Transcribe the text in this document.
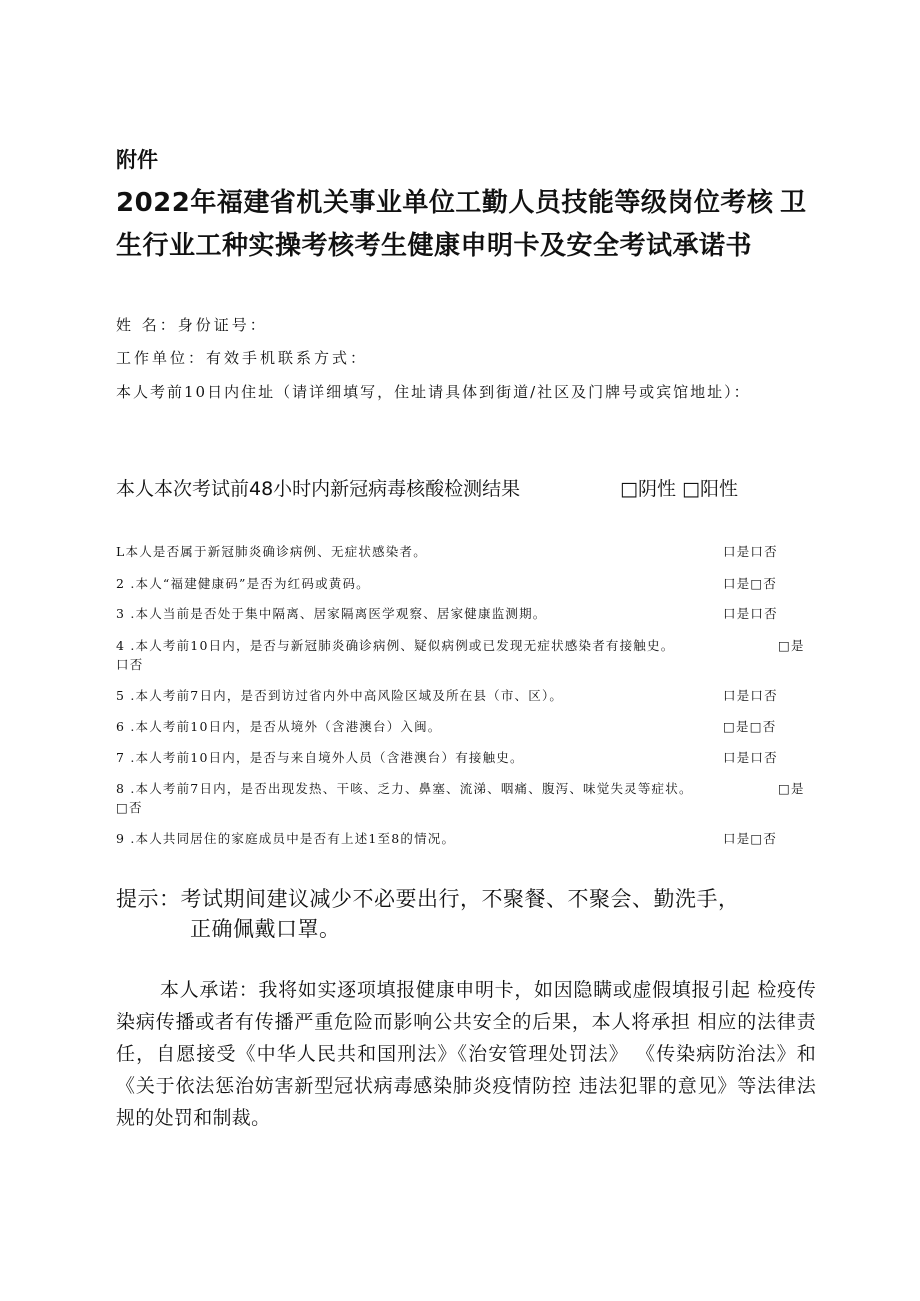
附件
2022年福建省机关事业单位工勤人员技能等级岗位考核 卫
生行业工种实操考核考生健康申明卡及安全考试承诺书
姓 名：身份证号：
工作单位：有效手机联系方式：
本人考前10日内住址（请详细填写，住址请具体到街道/社区及门牌号或宾馆地址）：
本人本次考试前48小时内新冠病毒核酸检测结果	□阴性 □阳性
L本人是否属于新冠肺炎确诊病例、无症状感染者。	口是口否
2 .本人“福建健康码”是否为红码或黄码。	口是□否
3 .本人当前是否处于集中隔离、居家隔离医学观察、居家健康监测期。	口是口否
4 .本人考前10日内，是否与新冠肺炎确诊病例、疑似病例或已发现无症状感染者有接触史。	□是
口否
5 .本人考前7日内，是否到访过省内外中高风险区域及所在县（市、区）。	口是口否
6 .本人考前10日内，是否从境外（含港澳台）入闽。	□是□否
7 .本人考前10日内，是否与来自境外人员（含港澳台）有接触史。	口是口否
8 .本人考前7日内，是否出现发热、干咳、乏力、鼻塞、流涕、咽痛、腹泻、味觉失灵等症状。	□是
□否
9 .本人共同居住的家庭成员中是否有上述1至8的情况。	口是□否
提示：考试期间建议减少不必要出行，不聚餐、不聚会、勤洗手，
正确佩戴口罩。
本人承诺：我将如实逐项填报健康申明卡，如因隐瞒或虚假填报引起 检疫传染病传播或者有传播严重危险而影响公共安全的后果，本人将承担 相应的法律责任，自愿接受《中华人民共和国刑法》《治安管理处罚法》 《传染病防治法》和《关于依法惩治妨害新型冠状病毒感染肺炎疫情防控 违法犯罪的意见》等法律法规的处罚和制裁。
